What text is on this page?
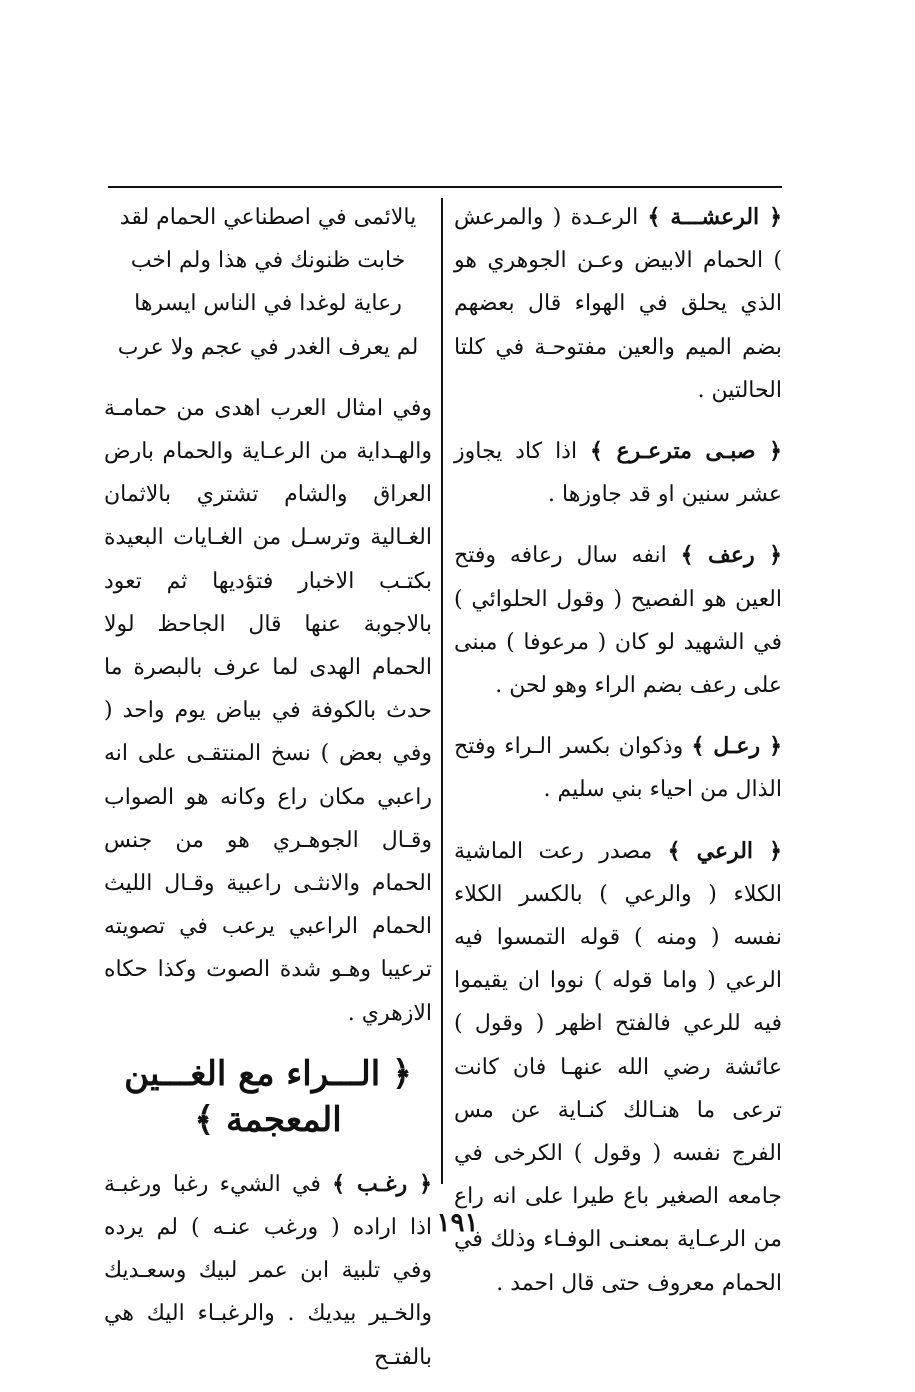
﴿ الرعشـــة ﴾ الرعـدة ( والمرعش ) الحمام الابيض وعـن الجوهري هو الذي يحلق في الهواء قال بعضهم بضم الميم والعين مفتوحـة في كلتا الحالتين .

﴿ صبـى مترعـرع ﴾ اذا كاد يجاوز عشر سنين او قد جاوزها .

﴿ رعف ﴾ انفه سال رعافه وفتح العين هو الفصيح ( وقول الحلوائي ) في الشهيد لو كان ( مرعوفا ) مبنى على رعف بضم الراء وهو لحن .

﴿ رعـل ﴾ وذكوان بكسر الـراء وفتح الذال من احياء بني سليم .

﴿ الرعي ﴾ مصدر رعت الماشية الكلاء ( والرعي ) بالكسر الكلاء نفسه ( ومنه ) قوله التمسوا فيه الرعي ( واما قوله ) نووا ان يقيموا فيه للرعي فالفتح اظهر ( وقول ) عائشة رضي الله عنهـا فان كانت ترعى ما هنـالك كنـاية عن مس الفرج نفسه ( وقول ) الكرخى في جامعه الصغير باع طيرا على انه راع من الرعـاية بمعنـى الوفـاء وذلك في الحمام معروف حتى قال احمد .

يالائمى في اصطناعي الحمام لقد

خابت ظنونك في هذا ولم اخب

رعاية لوغدا في الناس ايسرها

لم يعرف الغدر في عجم ولا عرب

وفي امثال العرب اهدى من حمامـة والهـداية من الرعـاية والحمام بارض العراق والشام تشتري بالاثمان الغـالية وترسـل من الغـايات البعيدة بكتـب الاخبار فتؤديها ثم تعود بالاجوبة عنها قال الجاحظ لولا الحمام الهدى لما عرف بالبصرة ما حدث بالكوفة في بياض يوم واحد ( وفي بعض ) نسخ المنتقـى على انه راعبي مكان راع وكانه هو الصواب وقـال الجوهـري هو من جنس الحمام والانثـى راعبية وقـال الليث الحمام الراعبي يرعب في تصويته ترعيبا وهـو شدة الصوت وكذا حكاه الازهري .

﴿ الـــراء مع الغـــين المعجمة ﴾

﴿ رغـب ﴾ في الشيء رغبا ورغبـة اذا اراده ( ورغب عنـه ) لم يرده وفي تلبية ابن عمر لبيك وسعـديك والخـير بيديك . والرغبـاء اليك هي بالفتـح

١٩١
